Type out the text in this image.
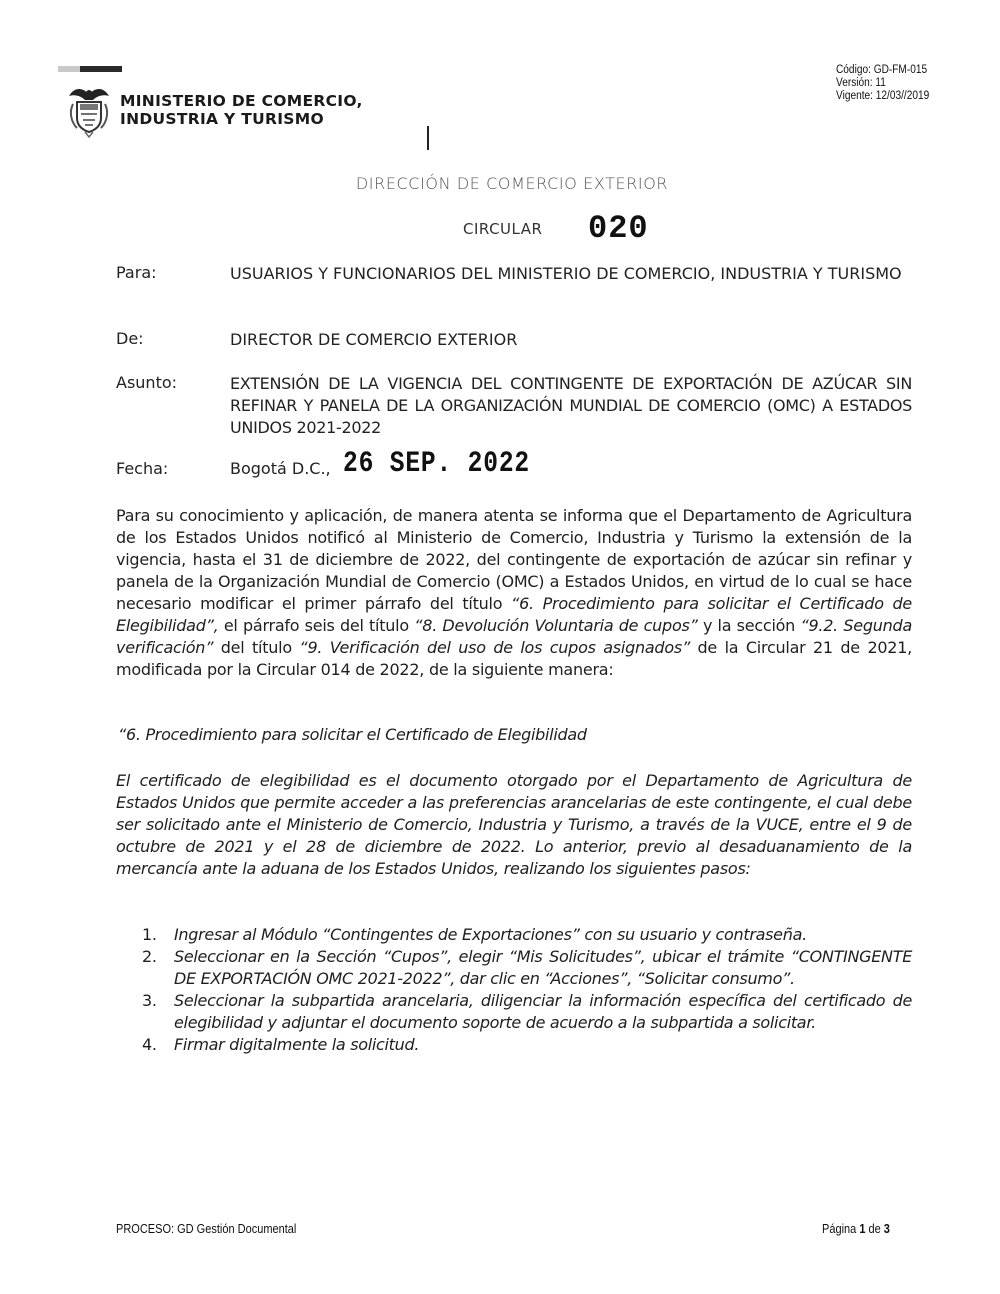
MINISTERIO DE COMERCIO,
INDUSTRIA Y TURISMO
Código: GD-FM-015
Versión: 11
Vigente: 12/03//2019
DIRECCIÓN DE COMERCIO EXTERIOR
CIRCULAR 020
Para:	USUARIOS Y FUNCIONARIOS DEL MINISTERIO DE COMERCIO, INDUSTRIA Y TURISMO
De:	DIRECTOR DE COMERCIO EXTERIOR
Asunto:	EXTENSIÓN DE LA VIGENCIA DEL CONTINGENTE DE EXPORTACIÓN DE AZÚCAR SIN REFINAR Y PANELA DE LA ORGANIZACIÓN MUNDIAL DE COMERCIO (OMC) A ESTADOS UNIDOS 2021-2022
Fecha:	Bogotá D.C., 26 SEP. 2022
Para su conocimiento y aplicación, de manera atenta se informa que el Departamento de Agricultura de los Estados Unidos notificó al Ministerio de Comercio, Industria y Turismo la extensión de la vigencia, hasta el 31 de diciembre de 2022, del contingente de exportación de azúcar sin refinar y panela de la Organización Mundial de Comercio (OMC) a Estados Unidos, en virtud de lo cual se hace necesario modificar el primer párrafo del título “6. Procedimiento para solicitar el Certificado de Elegibilidad”, el párrafo seis del título “8. Devolución Voluntaria de cupos” y la sección “9.2. Segunda verificación” del título “9. Verificación del uso de los cupos asignados” de la Circular 21 de 2021, modificada por la Circular 014 de 2022, de la siguiente manera:
“6. Procedimiento para solicitar el Certificado de Elegibilidad
El certificado de elegibilidad es el documento otorgado por el Departamento de Agricultura de Estados Unidos que permite acceder a las preferencias arancelarias de este contingente, el cual debe ser solicitado ante el Ministerio de Comercio, Industria y Turismo, a través de la VUCE, entre el 9 de octubre de 2021 y el 28 de diciembre de 2022. Lo anterior, previo al desaduanamiento de la mercancía ante la aduana de los Estados Unidos, realizando los siguientes pasos:
1. Ingresar al Módulo “Contingentes de Exportaciones” con su usuario y contraseña.
2. Seleccionar en la Sección “Cupos”, elegir “Mis Solicitudes”, ubicar el trámite “CONTINGENTE DE EXPORTACIÓN OMC 2021-2022”, dar clic en “Acciones”, “Solicitar consumo”.
3. Seleccionar la subpartida arancelaria, diligenciar la información específica del certificado de elegibilidad y adjuntar el documento soporte de acuerdo a la subpartida a solicitar.
4. Firmar digitalmente la solicitud.
PROCESO: GD Gestión Documental	Página 1 de 3
